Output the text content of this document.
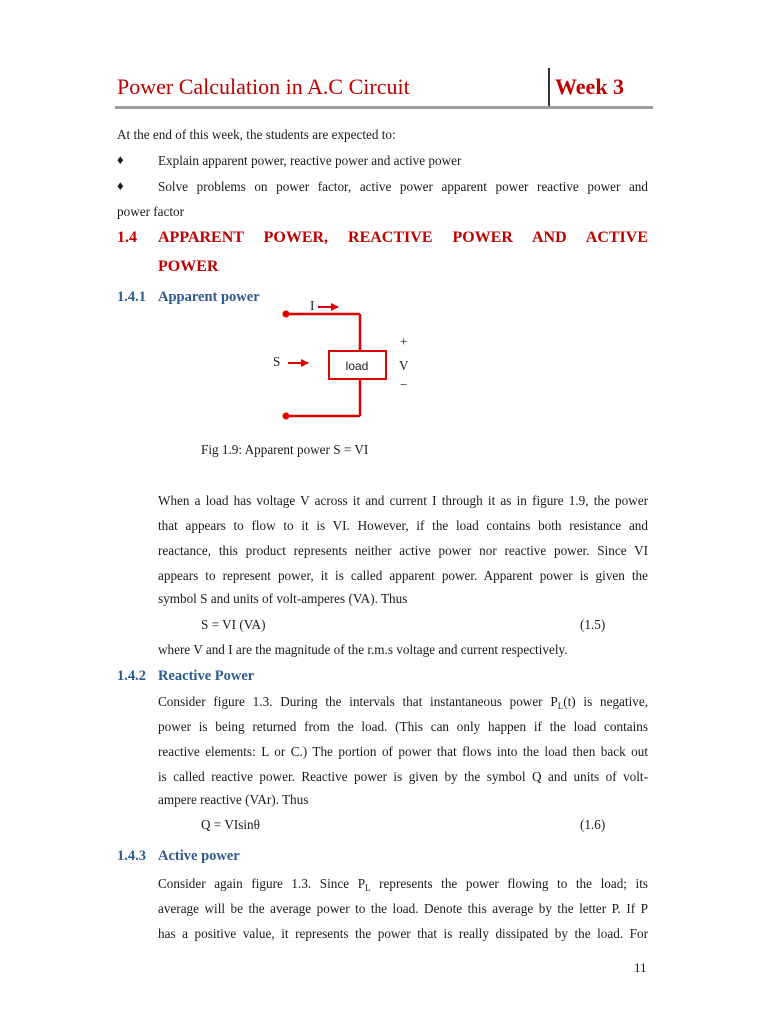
Power Calculation in A.C Circuit	Week 3
At the end of this week, the students are expected to:
♦	Explain apparent power, reactive power and active power
♦	Solve problems on power factor, active power apparent power reactive power and
power factor
1.4 APPARENT POWER, REACTIVE POWER AND ACTIVE
POWER
1.4.1 Apparent power
I
S	load
+
V
−
Fig 1.9: Apparent power S = VI
When a load has voltage V across it and current I through it as in figure 1.9, the power
that appears to flow to it is VI. However, if the load contains both resistance and
reactance, this product represents neither active power nor reactive power. Since VI
appears to represent power, it is called apparent power. Apparent power is given the
symbol S and units of volt-amperes (VA). Thus
S = VI (VA)	(1.5)
where V and I are the magnitude of the r.m.s voltage and current respectively.
1.4.2 Reactive Power
Consider figure 1.3. During the intervals that instantaneous power $P_L(t)$ is negative,
power is being returned from the load. (This can only happen if the load contains
reactive elements: L or C.) The portion of power that flows into the load then back out
is called reactive power. Reactive power is given by the symbol Q and units of volt-
ampere reactive (VAr). Thus
Q = VIsinθ	(1.6)
1.4.3 Active power
Consider again figure 1.3. Since $P_L$ represents the power flowing to the load; its
average will be the average power to the load. Denote this average by the letter P. If P
has a positive value, it represents the power that is really dissipated by the load. For
11
